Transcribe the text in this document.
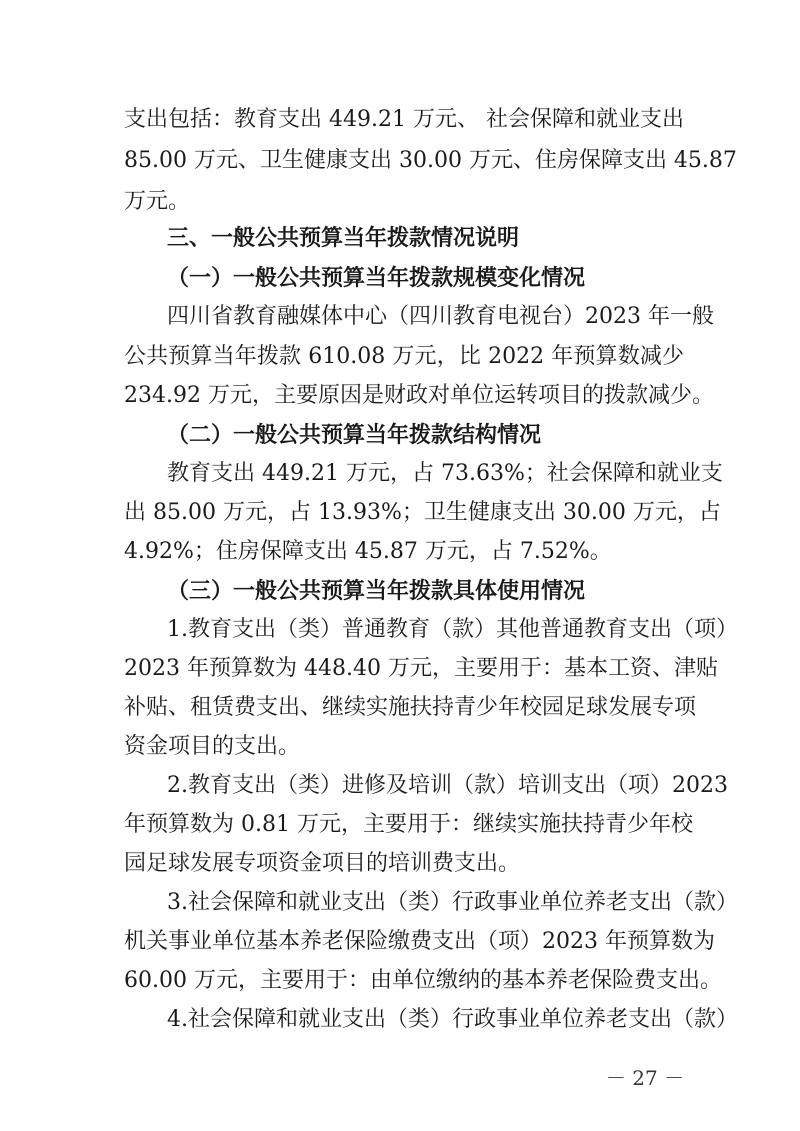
支出包括：教育支出 449.21 万元、 社会保障和就业支出
85.00 万元、卫生健康支出 30.00 万元、住房保障支出 45.87
万元。
三、一般公共预算当年拨款情况说明
（一）一般公共预算当年拨款规模变化情况
四川省教育融媒体中心（四川教育电视台）2023 年一般
公共预算当年拨款 610.08 万元，比 2022 年预算数减少
234.92 万元，主要原因是财政对单位运转项目的拨款减少。
（二）一般公共预算当年拨款结构情况
教育支出 449.21 万元，占 73.63%；社会保障和就业支
出 85.00 万元，占 13.93%；卫生健康支出 30.00 万元，占
4.92%；住房保障支出 45.87 万元，占 7.52%。
（三）一般公共预算当年拨款具体使用情况
1.教育支出（类）普通教育（款）其他普通教育支出（项）
2023 年预算数为 448.40 万元，主要用于：基本工资、津贴
补贴、租赁费支出、继续实施扶持青少年校园足球发展专项
资金项目的支出。
2.教育支出（类）进修及培训（款）培训支出（项）2023
年预算数为 0.81 万元，主要用于：继续实施扶持青少年校
园足球发展专项资金项目的培训费支出。
3.社会保障和就业支出（类）行政事业单位养老支出（款）
机关事业单位基本养老保险缴费支出（项）2023 年预算数为
60.00 万元，主要用于：由单位缴纳的基本养老保险费支出。
4.社会保障和就业支出（类）行政事业单位养老支出（款）
－ 27 －
